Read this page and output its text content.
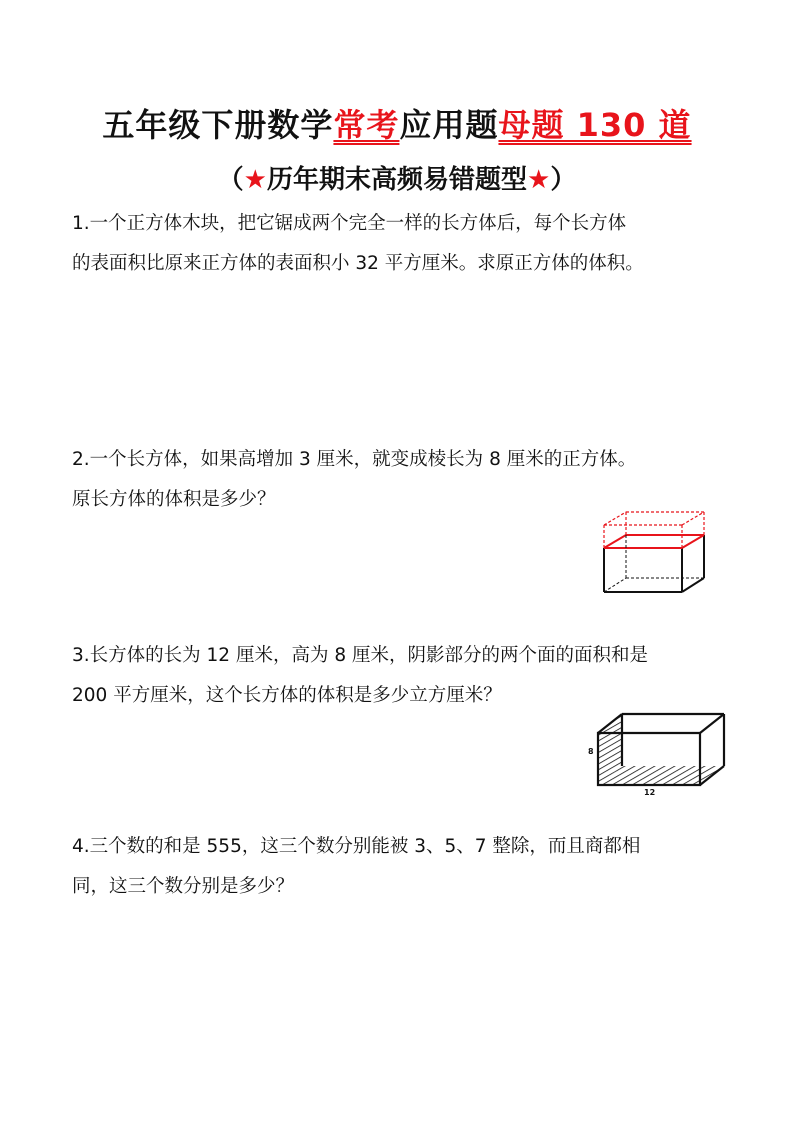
五年级下册数学常考应用题母题 130 道
（★历年期末高频易错题型★）
1.一个正方体木块，把它锯成两个完全一样的长方体后，每个长方体
的表面积比原来正方体的表面积小 32 平方厘米。求原正方体的体积。
2.一个长方体，如果高增加 3 厘米，就变成棱长为 8 厘米的正方体。
原长方体的体积是多少？
3.长方体的长为 12 厘米，高为 8 厘米，阴影部分的两个面的面积和是
200 平方厘米，这个长方体的体积是多少立方厘米？
8
12
4.三个数的和是 555，这三个数分别能被 3、5、7 整除，而且商都相
同，这三个数分别是多少？
